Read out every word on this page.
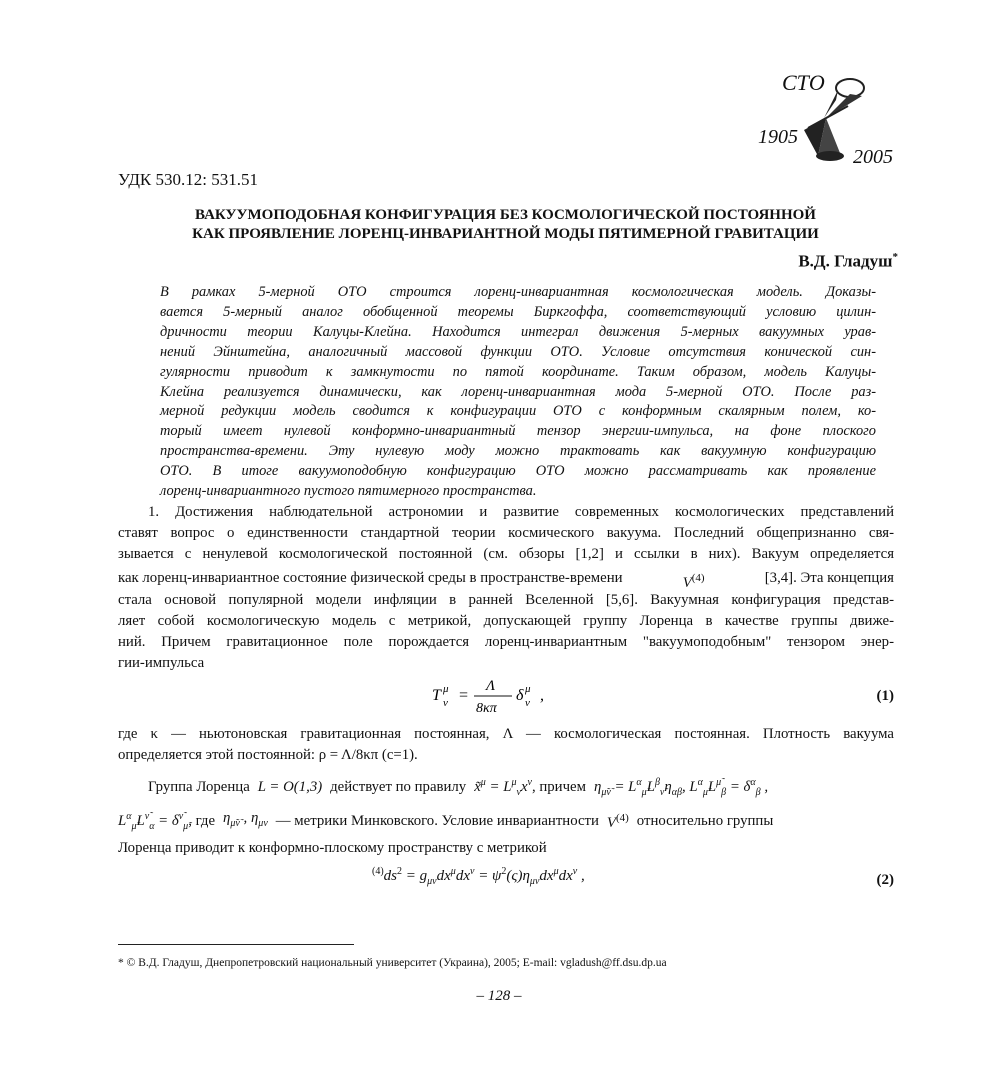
СТО
1905
2005
УДК 530.12: 531.51
ВАКУУМОПОДОБНАЯ КОНФИГУРАЦИЯ БЕЗ КОСМОЛОГИЧЕСКОЙ ПОСТОЯННОЙ
КАК ПРОЯВЛЕНИЕ ЛОРЕНЦ-ИНВАРИАНТНОЙ МОДЫ ПЯТИМЕРНОЙ ГРАВИТАЦИИ
В.Д. Гладуш*
В рамках 5-мерной ОТО строится лоренц-инвариантная космологическая модель. Доказы-
вается 5-мерный аналог обобщенной теоремы Биркгоффа, соответствующий условию цилин-
дричности теории Калуцы-Клейна. Находится интеграл движения 5-мерных вакуумных урав-
нений Эйнштейна, аналогичный массовой функции ОТО. Условие отсутствия конической син-
гулярности приводит к замкнутости по пятой координате. Таким образом, модель Калуцы-
Клейна реализуется динамически, как лоренц-инвариантная мода 5-мерной ОТО. После раз-
мерной редукции модель сводится к конфигурации ОТО с конформным скалярным полем, ко-
торый имеет нулевой конформно-инвариантный тензор энергии-импульса, на фоне плоского
пространства-времени. Эту нулевую моду можно трактовать как вакуумную конфигурацию
ОТО. В итоге вакуумоподобную конфигурацию ОТО можно рассматривать как проявление
лоренц-инвариантного пустого пятимерного пространства.
1. Достижения наблюдательной астрономии и развитие современных космологических представлений
ставят вопрос о единственности стандартной теории космического вакуума. Последний общепризнанно свя-
зывается с ненулевой космологической постоянной (см. обзоры [1,2] и ссылки в них). Вакуум определяется
как лоренц-инвариантное состояние физической среды в пространстве-времени	$V^{(4)}$	[3,4]. Эта концепция
стала основой популярной модели инфляции в ранней Вселенной [5,6]. Вакуумная конфигурация представ-
ляет собой космологическую модель с метрикой, допускающей группу Лоренца в качестве группы движе-
ний. Причем гравитационное поле порождается лоренц-инвариантным "вакуумоподобным" тензором энер-
гии-импульса
T μ
ν =
Λ
8κπ
δ μ
ν ,	(1)
где κ — ньютоновская гравитационная постоянная, Λ — космологическая постоянная. Плотность вакуума
определяется этой постоянной: ρ = Λ/8κπ (c=1).
Группа Лоренца L = O(1,3) действует по правилу x̃$^\mu$ = $L^\mu_\nu x^\nu$ , причем $\eta_{\mũ\nũ} = L^\alpha_{\mũ}L^\beta_{\nũ}\eta_{\alpha\beta}$, $L^\alpha_{\mũ}L^{\mũ}_\beta = \delta^\alpha_\beta$ ,
$L^\alpha_{\mũ}L^{\nũ}_\alpha = \delta^{\nũ}_{\mũ}$ , где $\eta_{\mũ\nũ}$ , $\eta_{\mu\nu}$ — метрики Минковского. Условие инвариантности $V^{(4)}$ относительно группы
Лоренца приводит к конформно-плоскому пространству с метрикой
$^{(4)}ds^2 = g_{\mu\nu}dx^\mu dx^\nu = \psi^2(\varsigma)\eta_{\mu\nu}dx^\mu dx^\nu$ ,	(2)
* © В.Д. Гладуш, Днепропетровский национальный университет (Украина), 2005; E-mail: vgladush@ff.dsu.dp.ua
– 128 –
